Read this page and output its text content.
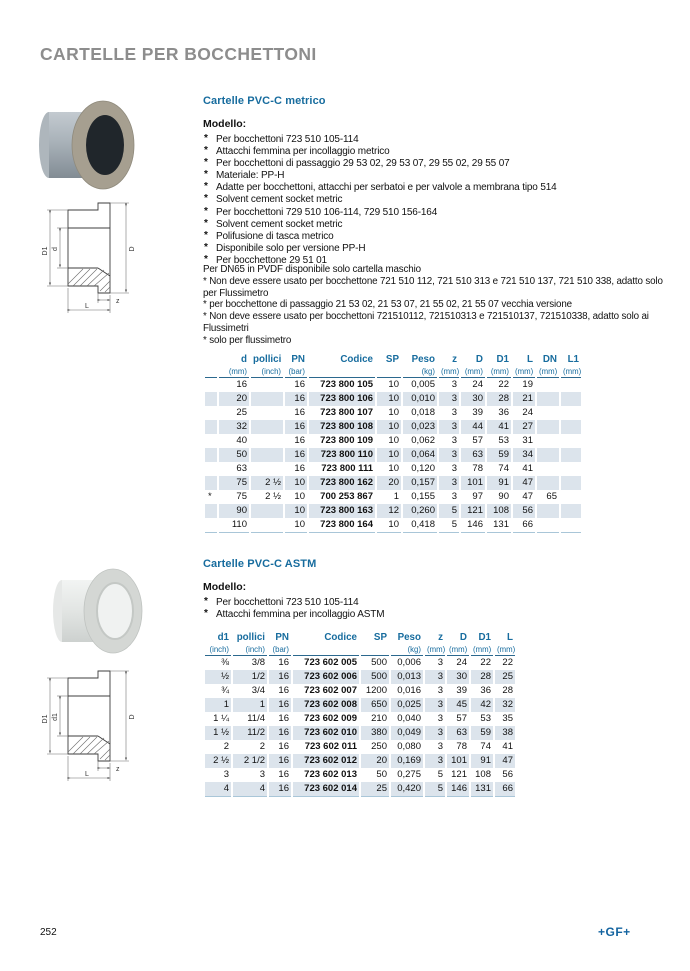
CARTELLE PER BOCCHETTONI
D1 d	D
z
L
Cartelle PVC-C metrico
Modello:
* Per bocchettoni 723 510 105-114
* Attacchi femmina per incollaggio metrico
* Per bocchettoni di passaggio 29 53 02, 29 53 07, 29 55 02, 29 55 07
* Materiale: PP-H
* Adatte per bocchettoni, attacchi per serbatoi e per valvole a membrana tipo 514
* Solvent cement socket metric
* Per bocchettoni 729 510 106-114, 729 510 156-164
* Solvent cement socket metric
* Polifusione di tasca metrico
* Disponibile solo per versione PP-H
* Per bocchettone 29 51 01
Per DN65 in PVDF disponibile solo cartella maschio
* Non deve essere usato per bocchettone 721 510 112, 721 510 313 e 721 510 137, 721 510 338, adatto solo per Flussimetro
* per bocchettone di passaggio 21 53 02, 21 53 07, 21 55 02, 21 55 07 vecchia versione
* Non deve essere usato per bocchettoni 721510112, 721510313 e 721510137, 721510338, adatto solo ai Flussimetri
* solo per flussimetro
	d	pollici	PN	Codice	SP	Peso	z	D	D1	L	DN	L1
	(mm)	(inch)	(bar)			(kg)	(mm)	(mm)	(mm)	(mm)	(mm)	(mm)
	16		16	723 800 105	10	0,005	3	24	22	19		
	20		16	723 800 106	10	0,010	3	30	28	21		
	25		16	723 800 107	10	0,018	3	39	36	24		
	32		16	723 800 108	10	0,023	3	44	41	27		
	40		16	723 800 109	10	0,062	3	57	53	31		
	50		16	723 800 110	10	0,064	3	63	59	34		
	63		16	723 800 111	10	0,120	3	78	74	41		
	75	2 ½	10	723 800 162	20	0,157	3	101	91	47		
*	75	2 ½	10	700 253 867	1	0,155	3	97	90	47	65	
	90		10	723 800 163	12	0,260	5	121	108	56		
	110		10	723 800 164	10	0,418	5	146	131	66		
D1 d1	D
z
L
Cartelle PVC-C ASTM
Modello:
* Per bocchettoni 723 510 105-114
* Attacchi femmina per incollaggio ASTM
d1	pollici	PN	Codice	SP	Peso	z	D	D1	L
(inch)	(inch)	(bar)			(kg)	(mm)	(mm)	(mm)	(mm)
⅜	3/8	16	723 602 005	500	0,006	3	24	22	22
½	1/2	16	723 602 006	500	0,013	3	30	28	25
¾	3/4	16	723 602 007	1200	0,016	3	39	36	28
1	1	16	723 602 008	650	0,025	3	45	42	32
1 ¼	11/4	16	723 602 009	210	0,040	3	57	53	35
1 ½	11/2	16	723 602 010	380	0,049	3	63	59	38
2	2	16	723 602 011	250	0,080	3	78	74	41
2 ½	2 1/2	16	723 602 012	20	0,169	3	101	91	47
3	3	16	723 602 013	50	0,275	5	121	108	56
4	4	16	723 602 014	25	0,420	5	146	131	66
252	+GF+
